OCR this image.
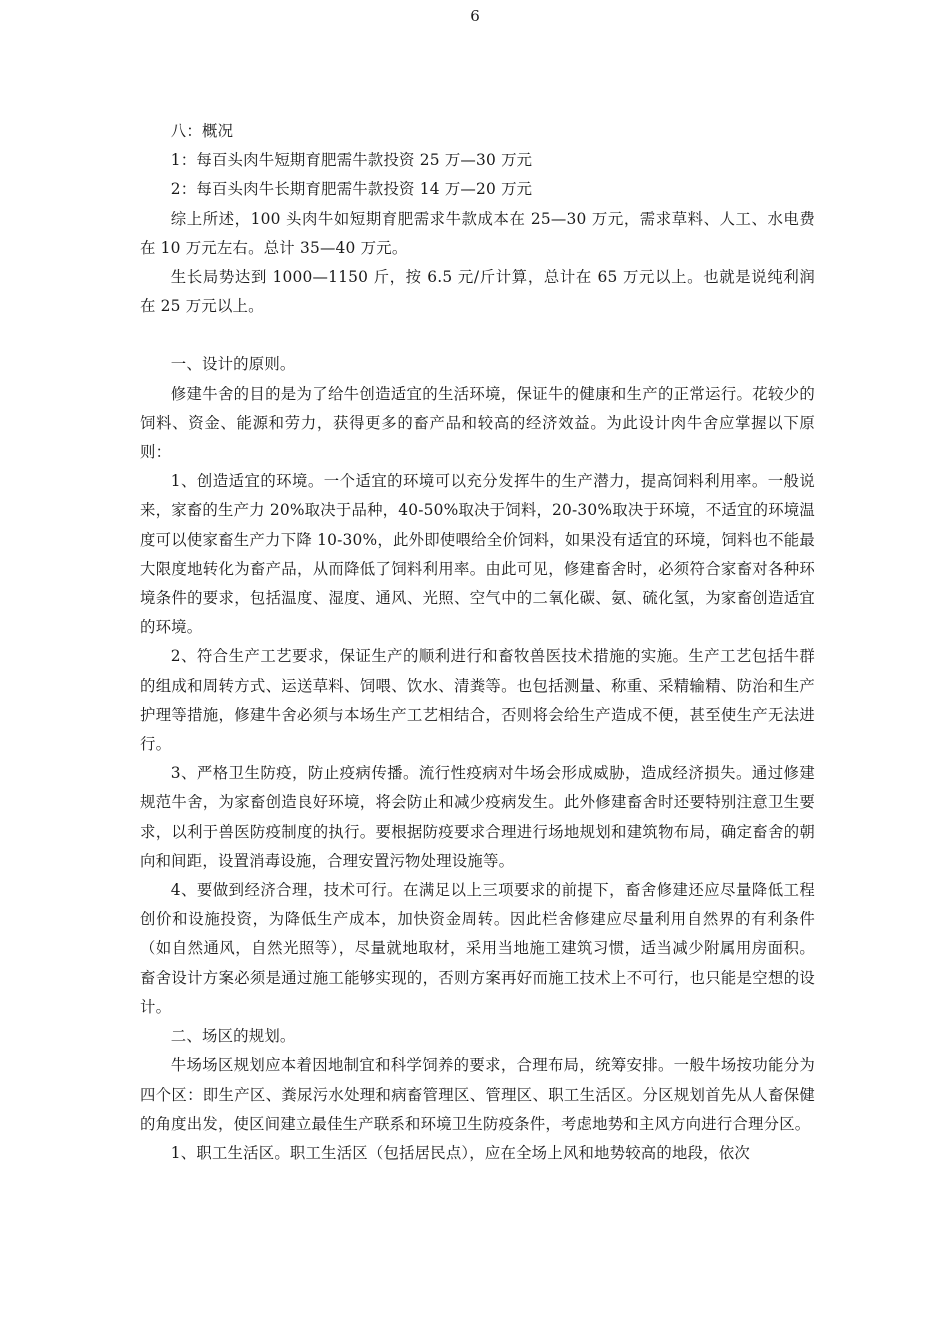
6

八：概况

1：每百头肉牛短期育肥需牛款投资 25 万—30 万元

2：每百头肉牛长期育肥需牛款投资 14 万—20 万元

综上所述，100 头肉牛如短期育肥需求牛款成本在 25—30 万元，需求草料、人工、水电费在 10 万元左右。总计 35—40 万元。

生长局势达到 1000—1150 斤，按 6.5 元/斤计算，总计在 65 万元以上。也就是说纯利润在 25 万元以上。

一、设计的原则。

修建牛舍的目的是为了给牛创造适宜的生活环境，保证牛的健康和生产的正常运行。花较少的饲料、资金、能源和劳力，获得更多的畜产品和较高的经济效益。为此设计肉牛舍应掌握以下原则：

1、创造适宜的环境。一个适宜的环境可以充分发挥牛的生产潜力，提高饲料利用率。一般说来，家畜的生产力 20%取决于品种，40-50%取决于饲料，20-30%取决于环境，不适宜的环境温度可以使家畜生产力下降 10-30%，此外即使喂给全价饲料，如果没有适宜的环境，饲料也不能最大限度地转化为畜产品，从而降低了饲料利用率。由此可见，修建畜舍时，必须符合家畜对各种环境条件的要求，包括温度、湿度、通风、光照、空气中的二氧化碳、氨、硫化氢，为家畜创造适宜的环境。

2、符合生产工艺要求，保证生产的顺利进行和畜牧兽医技术措施的实施。生产工艺包括牛群的组成和周转方式、运送草料、饲喂、饮水、清粪等。也包括测量、称重、采精输精、防治和生产护理等措施，修建牛舍必须与本场生产工艺相结合，否则将会给生产造成不便，甚至使生产无法进行。

3、严格卫生防疫，防止疫病传播。流行性疫病对牛场会形成威胁，造成经济损失。通过修建规范牛舍，为家畜创造良好环境，将会防止和减少疫病发生。此外修建畜舍时还要特别注意卫生要求，以利于兽医防疫制度的执行。要根据防疫要求合理进行场地规划和建筑物布局，确定畜舍的朝向和间距，设置消毒设施，合理安置污物处理设施等。

4、要做到经济合理，技术可行。在满足以上三项要求的前提下，畜舍修建还应尽量降低工程创价和设施投资，为降低生产成本，加快资金周转。因此栏舍修建应尽量利用自然界的有利条件（如自然通风，自然光照等），尽量就地取材，采用当地施工建筑习惯，适当减少附属用房面积。畜舍设计方案必须是通过施工能够实现的，否则方案再好而施工技术上不可行，也只能是空想的设计。

二、场区的规划。

牛场场区规划应本着因地制宜和科学饲养的要求，合理布局，统筹安排。一般牛场按功能分为四个区：即生产区、粪尿污水处理和病畜管理区、管理区、职工生活区。分区规划首先从人畜保健的角度出发，使区间建立最佳生产联系和环境卫生防疫条件，考虑地势和主风方向进行合理分区。

1、职工生活区。职工生活区（包括居民点），应在全场上风和地势较高的地段，依次
